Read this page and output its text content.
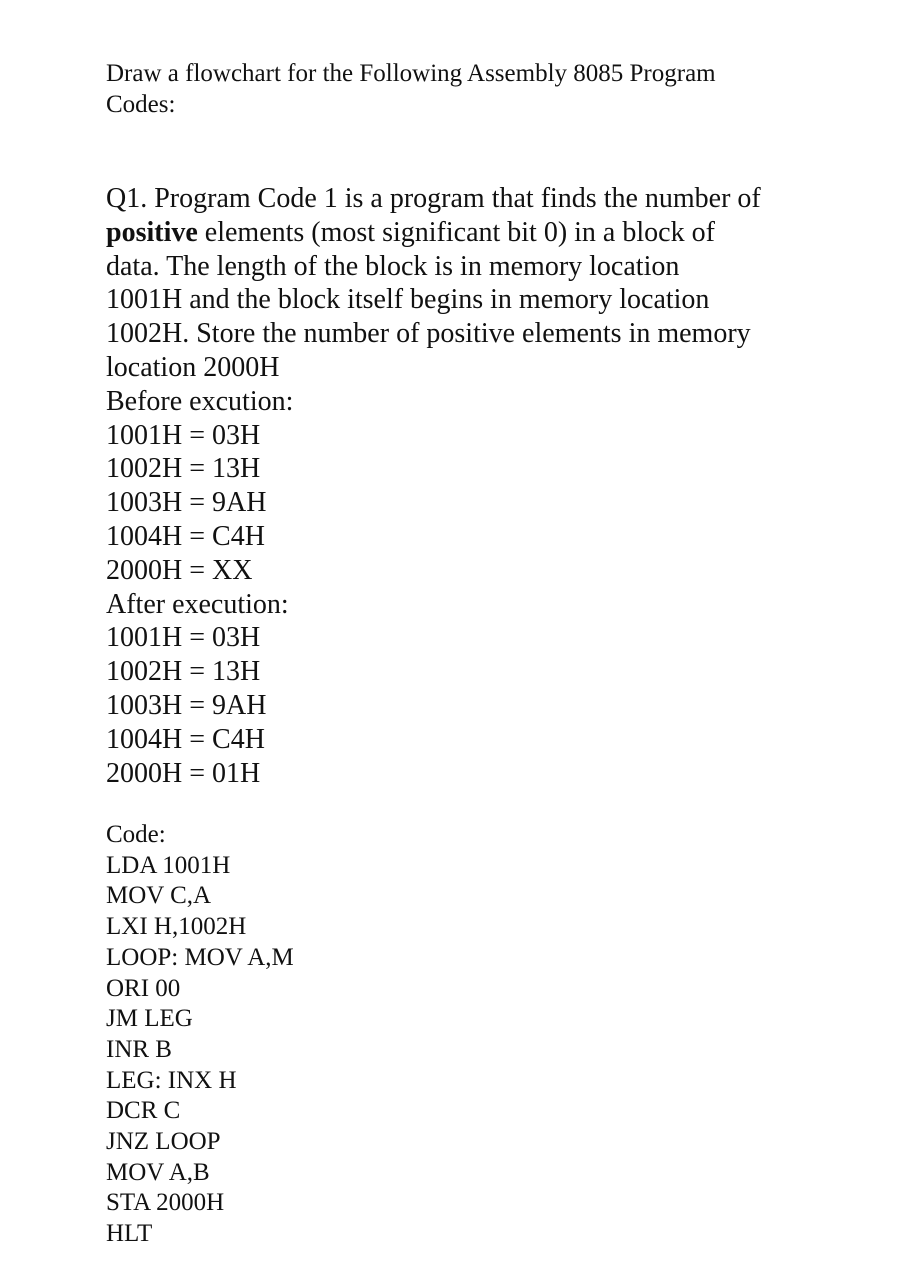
Draw a flowchart for the Following Assembly 8085 Program
Codes:
Q1. Program Code 1 is a program that finds the number of
positive elements (most significant bit 0) in a block of
data. The length of the block is in memory location
1001H and the block itself begins in memory location
1002H. Store the number of positive elements in memory
location 2000H
Before excution:
1001H = 03H
1002H = 13H
1003H = 9AH
1004H = C4H
2000H = XX
After execution:
1001H = 03H
1002H = 13H
1003H = 9AH
1004H = C4H
2000H = 01H
Code:
LDA 1001H
MOV C,A
LXI H,1002H
LOOP: MOV A,M
ORI 00
JM LEG
INR B
LEG: INX H
DCR C
JNZ LOOP
MOV A,B
STA 2000H
HLT
